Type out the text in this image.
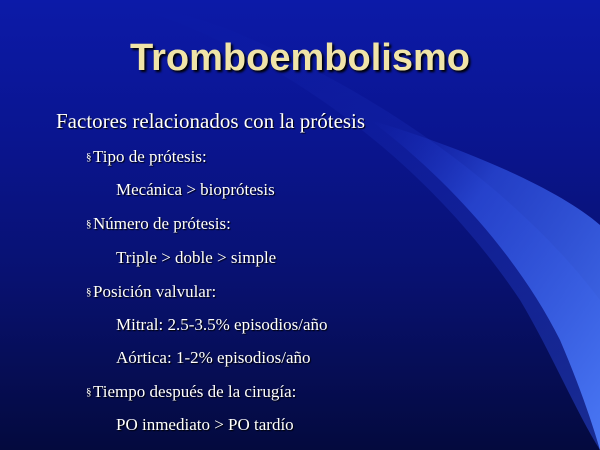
Tromboembolismo
Factores relacionados con la prótesis
§Tipo de prótesis:
Mecánica > bioprótesis
§Número de prótesis:
Triple > doble > simple
§Posición valvular:
Mitral: 2.5-3.5% episodios/año
Aórtica: 1-2% episodios/año
§Tiempo después de la cirugía:
PO inmediato > PO tardío
